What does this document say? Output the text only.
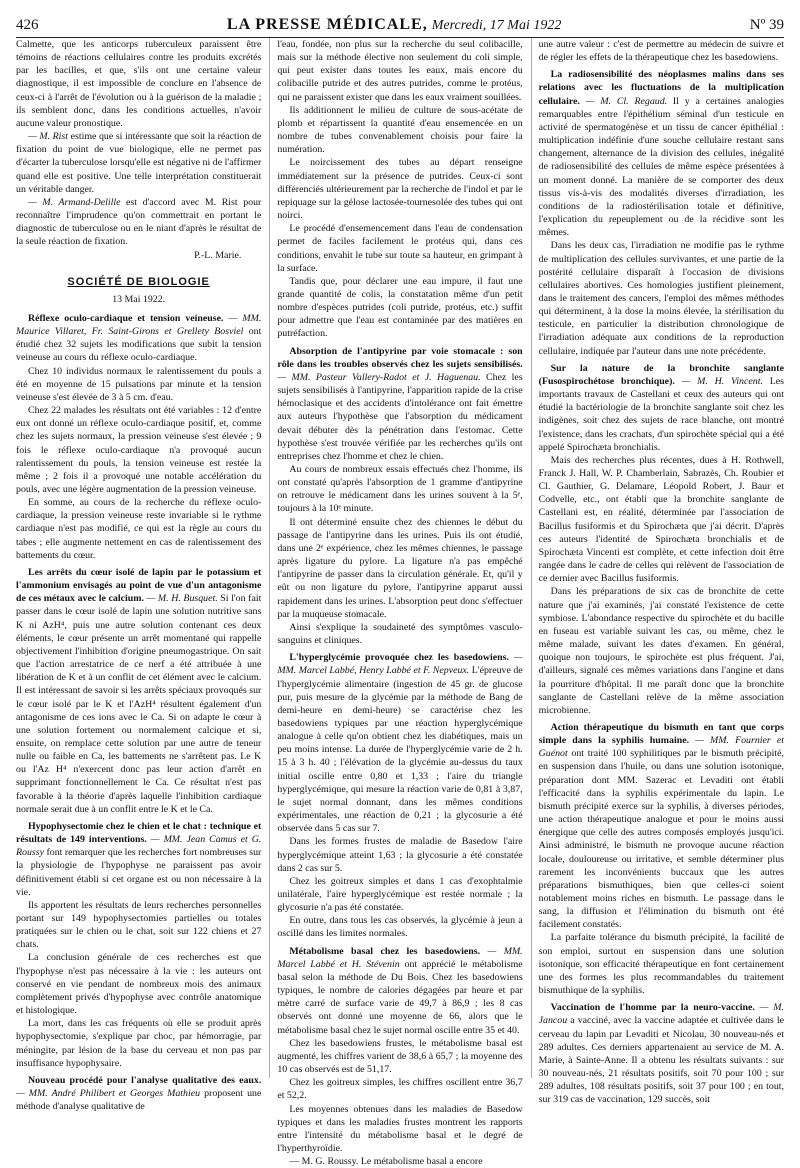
426	LA PRESSE MÉDICALE, Mercredi, 17 Mai 1922	Nº 39

Calmette, que les anticorps tuberculeux paraissent être témoins de réactions cellulaires contre les produits excrétés par les bacilles, et que, s'ils ont une certaine valeur diagnostique, il est impossible de conclure en l'absence de ceux-ci à l'arrêt de l'évolution ou à la guérison de la maladie ; ils semblent donc, dans les conditions actuelles, n'avoir aucune valeur pronostique.

— M. Rist estime que si intéressante que soit la réaction de fixation du point de vue biologique, elle ne permet pas d'écarter la tuberculose lorsqu'elle est négative ni de l'affirmer quand elle est positive. Une telle interprétation constituerait un véritable danger.

— M. Armand-Delille est d'accord avec M. Rist pour reconnaître l'imprudence qu'on commettrait en portant le diagnostic de tuberculose ou en le niant d'après le résultat de la seule réaction de fixation.

P.-L. Marie.
SOCIÉTÉ DE BIOLOGIE
13 Mai 1922.

Réflexe oculo-cardiaque et tension veineuse. — MM. Maurice Villaret, Fr. Saint-Girons et Grellety Bosviel ont étudié chez 32 sujets les modifications que subit la tension veineuse au cours du réflexe oculo-cardiaque.

Chez 10 individus normaux le ralentissement du pouls a été en moyenne de 15 pulsations par minute et la tension veineuse s'est élevée de 3 à 5 cm. d'eau.

Chez 22 malades les résultats ont été variables : 12 d'entre eux ont donné un réflexe oculo-cardiaque positif, et, comme chez les sujets normaux, la pression veineuse s'est élevée ; 9 fois le réflexe oculo-cardiaque n'a provoqué aucun ralentissement du pouls, la tension veineuse est restée la même ; 2 fois il a provoqué une notable accélération du pouls, avec une légère augmentation de la pression veineuse.

En somme, au cours de la recherche du réflexe oculo-cardiaque, la pression veineuse reste invariable si le rythme cardiaque n'est pas modifié, ce qui est la règle au cours du tabes ; elle augmente nettement en cas de ralentissement des battements du cœur.

Les arrêts du cœur isolé de lapin par le potassium et l'ammonium envisagés au point de vue d'un antagonisme de ces métaux avec le calcium. — M. H. Busquet. Si l'on fait passer dans le cœur isolé de lapin une solution nutritive sans K ni AzH⁴, puis une autre solution contenant ces deux éléments, le cœur présente un arrêt momentané qui rappelle objectivement l'inhibition d'origine pneumogastrique. On sait que l'action arrestatrice de ce nerf a été attribuée à une libération de K et à un conflit de cet élément avec le calcium. Il est intéressant de savoir si les arrêts spéciaux provoqués sur le cœur isolé par le K et l'AzH⁴ résultent également d'un antagonisme de ces ions avec le Ca. Si on adapte le cœur à une solution fortement ou normalement calcique et si, ensuite, on remplace cette solution par une autre de teneur nulle ou faible en Ca, les battements ne s'arrêtent pas. Le K ou l'Az H⁴ n'exercent donc pas leur action d'arrêt en supprimant fonctionnellement le Ca. Ce résultat n'est pas favorable à la théorie d'après laquelle l'inhibition cardiaque normale serait due à un conflit entre le K et le Ca.

Hypophysectomie chez le chien et le chat : technique et résultats de 149 interventions. — MM. Jean Camus et G. Roussy font remarquer que les recherches fort nombreuses sur la physiologie de l'hypophyse ne paraissent pas avoir définitivement établi si cet organe est ou non nécessaire à la vie.

Ils apportent les résultats de leurs recherches personnelles portant sur 149 hypophysectomies partielles ou totales pratiquées sur le chien ou le chat, soit sur 122 chiens et 27 chats.

La conclusion générale de ces recherches est que l'hypophyse n'est pas nécessaire à la vie : les auteurs ont conservé en vie pendant de nombreux mois des animaux complètement privés d'hypophyse avec contrôle anatomique et histologique.

La mort, dans les cas fréquents où elle se produit après hypophysectomie, s'explique par choc, par hémorragie, par méningite, par lésion de la base du cerveau et non pas par insuffisance hypophysaire.

Nouveau procédé pour l'analyse qualitative des eaux. — MM. André Philibert et Georges Mathieu proposent une méthode d'analyse qualitative de

l'eau, fondée, non plus sur la recherche du seul colibacille, mais sur la méthode élective non seulement du coli simple, qui peut exister dans toutes les eaux, mais encore du colibacille putride et des autres putrides, comme le protéus, qui ne paraissent exister que dans les eaux vraiment souillées.

Ils additionnent le milieu de culture de sous-acétate de plomb et répartissent la quantité d'eau ensemencée en un nombre de tubes convenablement choisis pour faire la numération.

Le noircissement des tubes au départ renseigne immédiatement sur la présence de putrides. Ceux-ci sont différenciés ultérieurement par la recherche de l'indol et par le repiquage sur la gélose lactosée-tournesolée des tubes qui ont noirci.

Le procédé d'ensemencement dans l'eau de condensation permet de faciles facilement le protéus qui, dans ces conditions, envahit le tube sur toute sa hauteur, en grimpant à la surface.

Tandis que, pour déclarer une eau impure, il faut une grande quantité de colis, la constatation même d'un petit nombre d'espèces putrides (coli putride, protéus, etc.) suffit pour admettre que l'eau est contaminée par des matières en putréfaction.

Absorption de l'antipyrine par voie stomacale : son rôle dans les troubles observés chez les sujets sensibilisés. — MM. Pasteur Vallery-Radot et J. Haguenau. Chez les sujets sensibilisés à l'antipyrine, l'apparition rapide de la crise hémoclasique et des accidents d'intolérance ont fait émettre aux auteurs l'hypothèse que l'absorption du médicament devait débuter dès la pénétration dans l'estomac. Cette hypothèse s'est trouvée vérifiée par les recherches qu'ils ont entreprises chez l'homme et chez le chien.

Au cours de nombreux essais effectués chez l'homme, ils ont constaté qu'après l'absorption de 1 gramme d'antipyrine on retrouve le médicament dans les urines souvent à la 5ᵉ, toujours à la 10ᵉ minute.

Il ont déterminé ensuite chez des chiennes le début du passage de l'antipyrine dans les urines. Puis ils ont étudié, dans une 2ᵉ expérience, chez les mêmes chiennes, le passage après ligature du pylore. La ligature n'a pas empêché l'antipyrine de passer dans la circulation générale. Et, qu'il y eût ou non ligature du pylore, l'antipyrine apparut aussi rapidement dans les urines. L'absorption peut donc s'effectuer par la muqueuse stomacale.

Ainsi s'explique la soudaineté des symptômes vasculo-sanguins et cliniques.

L'hyperglycémie provoquée chez les basedowiens. — MM. Marcel Labbé, Henry Labbé et F. Nepveux. L'épreuve de l'hyperglycémie alimentaire (ingestion de 45 gr. de glucose pur, puis mesure de la glycémie par la méthode de Bang de demi-heure en demi-heure) se caractérise chez les basedowiens typiques par une réaction hyperglycémique analogue à celle qu'on obtient chez les diabétiques, mais un peu moins intense. La durée de l'hyperglycémie varie de 2 h. 15 à 3 h. 40 ; l'élévation de la glycémie au-dessus du taux initial oscille entre 0,80 et 1,33 ; l'aire du triangle hyperglycémique, qui mesure la réaction varie de 0,81 à 3,87, le sujet normal donnant, dans les mêmes conditions expérimentales, une réaction de 0,21 ; la glycosurie a été observée dans 5 cas sur 7.

Dans les formes frustes de maladie de Basedow l'aire hyperglycémique atteint 1,63 ; la glycosurie a été constatée dans 2 cas sur 5.

Chez les goitreux simples et dans 1 cas d'exophtalmie unilatérale, l'aire hyperglycémique est restée normale ; la glycosurie n'a pas été constatée.

En outre, dans tous les cas observés, la glycémie à jeun a oscillé dans les limites normales.

Métabolisme basal chez les basedowiens. — MM. Marcel Labbé et H. Stévenin ont apprécié le métabolisme basal selon la méthode de Du Bois. Chez les basedowiens typiques, le nombre de calories dégagées par heure et par mètre carré de surface varie de 49,7 à 86,9 ; les 8 cas observés ont donné une moyenne de 66, alors que le métabolisme basal chez le sujet normal oscille entre 35 et 40.

Chez les basedowiens frustes, le métabolisme basal est augmenté, les chiffres varient de 38,6 à 65,7 ; la moyenne des 10 cas observés est de 51,17.

Chez les goitreux simples, les chiffres oscillent entre 36,7 et 52,2.

Les moyennes obtenues dans les maladies de Basedow typiques et dans les maladies frustes montrent les rapports entre l'intensité du métabolisme basal et le degré de l'hyperthyroïdie.

— M. G. Roussy. Le métabolisme basal a encore

une autre valeur : c'est de permettre au médecin de suivre et de régler les effets de la thérapeutique chez les basedowiens.

La radiosensibilité des néoplasmes malins dans ses relations avec les fluctuations de la multiplication cellulaire. — M. Cl. Regaud. Il y a certaines analogies remarquables entre l'épithélium séminal d'un testicule en activité de spermatogénèse et un tissu de cancer épithélial : multiplication indéfinie d'une souche cellulaire restant sans changement, alternance de la division des cellules, inégalité de radiosensibilité des cellules de même espèce présentées à un moment donné. La manière de se comporter des deux tissus vis-à-vis des modalités diverses d'irradiation, les conditions de la radiostérilisation totale et définitive, l'explication du repeuplement ou de la récidive sont les mêmes.

Dans les deux cas, l'irradiation ne modifie pas le rythme de multiplication des cellules survivantes, et une partie de la postérité cellulaire disparaît à l'occasion de divisions cellulaires abortives. Ces homologies justifient pleinement, dans le traitement des cancers, l'emploi des mêmes méthodes qui déterminent, à la dose la moins élevée, la stérilisation du testicule, en particulier la distribution chronologique de l'irradiation adéquate aux conditions de la reproduction cellulaire, indiquée par l'auteur dans une note précédente.

Sur la nature de la bronchite sanglante (Fusospirochétose bronchique). — M. H. Vincent. Les importants travaux de Castellani et ceux des auteurs qui ont étudié la bactériologie de la bronchite sanglante soit chez les indigènes, soit chez des sujets de race blanche, ont montré l'existence, dans les crachats, d'un spirochète spécial qui a été appelé Spirochæta bronchialis.

Mais des recherches plus récentes, dues à H. Rothwell, Franck J. Hall, W. P. Chamberlain, Sabrazès, Ch. Roubier et Cl. Gauthier, G. Delamare, Léopold Robert, J. Baur et Codvelle, etc., ont établi que la bronchite sanglante de Castellani est, en réalité, déterminée par l'association de Bacillus fusiformis et du Spirochæta que j'ai décrit. D'après ces auteurs l'identité de Spirochæta bronchialis et de Spirochæta Vincenti est complète, et cette infection doit être rangée dans le cadre de celles qui relèvent de l'association de ce dernier avec Bacillus fusiformis.

Dans les préparations de six cas de bronchite de cette nature que j'ai examinés, j'ai constaté l'existence de cette symbiose. L'abondance respective du spirochète et du bacille en fuseau est variable suivant les cas, ou même, chez le même malade, suivant les dates d'examen. En général, quoique non toujours, le spirochète est plus fréquent. J'ai, d'ailleurs, signalé ces mêmes variations dans l'angine et dans la pourriture d'hôpital. Il me paraît donc que la bronchite sanglante de Castellani relève de la même association microbienne.

Action thérapeutique du bismuth en tant que corps simple dans la syphilis humaine. — MM. Fournier et Guénot ont traité 100 syphilitiques par le bismuth précipité, en suspension dans l'huile, ou dans une solution isotonique, préparation dont MM. Sazerac et Levaditi ont établi l'efficacité dans la syphilis expérimentale du lapin. Le bismuth précipité exerce sur la syphilis, à diverses périodes, une action thérapeutique analogue et pour le moins aussi énergique que celle des autres composés employés jusqu'ici. Ainsi administré, le bismuth ne provoque aucune réaction locale, douloureuse ou irritative, et semble déterminer plus rarement les inconvénients buccaux que les autres préparations bismuthiques, bien que celles-ci soient notablement moins riches en bismuth. Le passage dans le sang, la diffusion et l'élimination du bismuth ont été facilement constatés.

La parfaite tolérance du bismuth précipité, la facilité de son emploi, surtout en suspension dans une solution isotonique, son efficacité thérapeutique en font certainement une des formes les plus recommandables du traitement bismuthique de la syphilis.

Vaccination de l'homme par la neuro-vaccine. — M. Jancou a vacciné, avec la vaccine adaptée et cultivée dans le cerveau du lapin par Levaditi et Nicolau, 30 nouveau-nés et 289 adultes. Ces derniers appartenaient au service de M. A. Marie, à Sainte-Anne. Il a obtenu les résultats suivants : sur 30 nouveau-nés, 21 résultats positifs, soit 70 pour 100 ; sur 289 adultes, 108 résultats positifs, soit 37 pour 100 ; en tout, sur 319 cas de vaccination, 129 succès, soit
